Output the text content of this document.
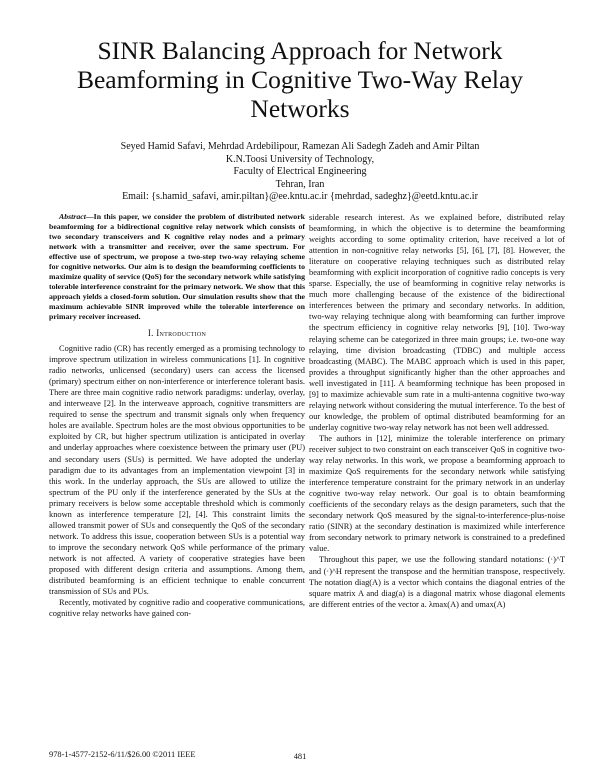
SINR Balancing Approach for Network Beamforming in Cognitive Two-Way Relay Networks
Seyed Hamid Safavi, Mehrdad Ardebilipour, Ramezan Ali Sadegh Zadeh and Amir Piltan
K.N.Toosi University of Technology,
Faculty of Electrical Engineering
Tehran, Iran
Email: {s.hamid_safavi, amir.piltan}@ee.kntu.ac.ir {mehrdad, sadeghz}@eetd.kntu.ac.ir

Abstract—In this paper, we consider the problem of distributed network beamforming for a bidirectional cognitive relay network which consists of two secondary transceivers and K cognitive relay nodes and a primary network with a transmitter and receiver, over the same spectrum. For effective use of spectrum, we propose a two-step two-way relaying scheme for cognitive networks. Our aim is to design the beamforming coefficients to maximize quality of service (QoS) for the secondary network while satisfying tolerable interference constraint for the primary network. We show that this approach yields a closed-form solution. Our simulation results show that the maximum achievable SINR improved while the tolerable interference on primary receiver increased.

I. Introduction

Cognitive radio (CR) has recently emerged as a promising technology to improve spectrum utilization in wireless communications [1]. In cognitive radio networks, unlicensed (secondary) users can access the licensed (primary) spectrum either on non-interference or interference tolerant basis. There are three main cognitive radio network paradigms: underlay, overlay, and interweave [2]. In the interweave approach, cognitive transmitters are required to sense the spectrum and transmit signals only when frequency holes are available. Spectrum holes are the most obvious opportunities to be exploited by CR, but higher spectrum utilization is anticipated in overlay and underlay approaches where coexistence between the primary user (PU) and secondary users (SUs) is permitted. We have adopted the underlay paradigm due to its advantages from an implementation viewpoint [3] in this work. In the underlay approach, the SUs are allowed to utilize the spectrum of the PU only if the interference generated by the SUs at the primary receivers is below some acceptable threshold which is commonly known as interference temperature [2], [4]. This constraint limits the allowed transmit power of SUs and consequently the QoS of the secondary network. To address this issue, cooperation between SUs is a potential way to improve the secondary network QoS while performance of the primary network is not affected. A variety of cooperative strategies have been proposed with different design criteria and assumptions. Among them, distributed beamforming is an efficient technique to enable concurrent transmission of SUs and PUs.

Recently, motivated by cognitive radio and cooperative communications, cognitive relay networks have gained con-

siderable research interest. As we explained before, distributed relay beamforming, in which the objective is to determine the beamforming weights according to some optimality criterion, have received a lot of attention in non-cognitive relay networks [5], [6], [7], [8]. However, the literature on cooperative relaying techniques such as distributed relay beamforming with explicit incorporation of cognitive radio concepts is very sparse. Especially, the use of beamforming in cognitive relay networks is much more challenging because of the existence of the bidirectional interferences between the primary and secondary networks. In addition, two-way relaying technique along with beamforming can further improve the spectrum efficiency in cognitive relay networks [9], [10]. Two-way relaying scheme can be categorized in three main groups; i.e. two-one way relaying, time division broadcasting (TDBC) and multiple access broadcasting (MABC). The MABC approach which is used in this paper, provides a throughput significantly higher than the other approaches and well investigated in [11]. A beamforming technique has been proposed in [9] to maximize achievable sum rate in a multi-antenna cognitive two-way relaying network without considering the mutual interference. To the best of our knowledge, the problem of optimal distributed beamforming for an underlay cognitive two-way relay network has not been well addressed.

The authors in [12], minimize the tolerable interference on primary receiver subject to two constraint on each transceiver QoS in cognitive two-way relay networks. In this work, we propose a beamforming approach to maximize QoS requirements for the secondary network while satisfying interference temperature constraint for the primary network in an underlay cognitive two-way relay network. Our goal is to obtain beamforming coefficients of the secondary relays as the design parameters, such that the secondary network QoS measured by the signal-to-interference-plus-noise ratio (SINR) at the secondary destination is maximized while interference from secondary network to primary network is constrained to a predefined value.

Throughout this paper, we use the following standard notations: (·)^T and (·)^H represent the transpose and the hermitian transpose, respectively. The notation diag(A) is a vector which contains the diagonal entries of the square matrix A and diag(a) is a diagonal matrix whose diagonal elements are different entries of the vector a. λmax(A) and υmax(A)

978-1-4577-2152-6/11/$26.00 ©2011 IEEE	481
